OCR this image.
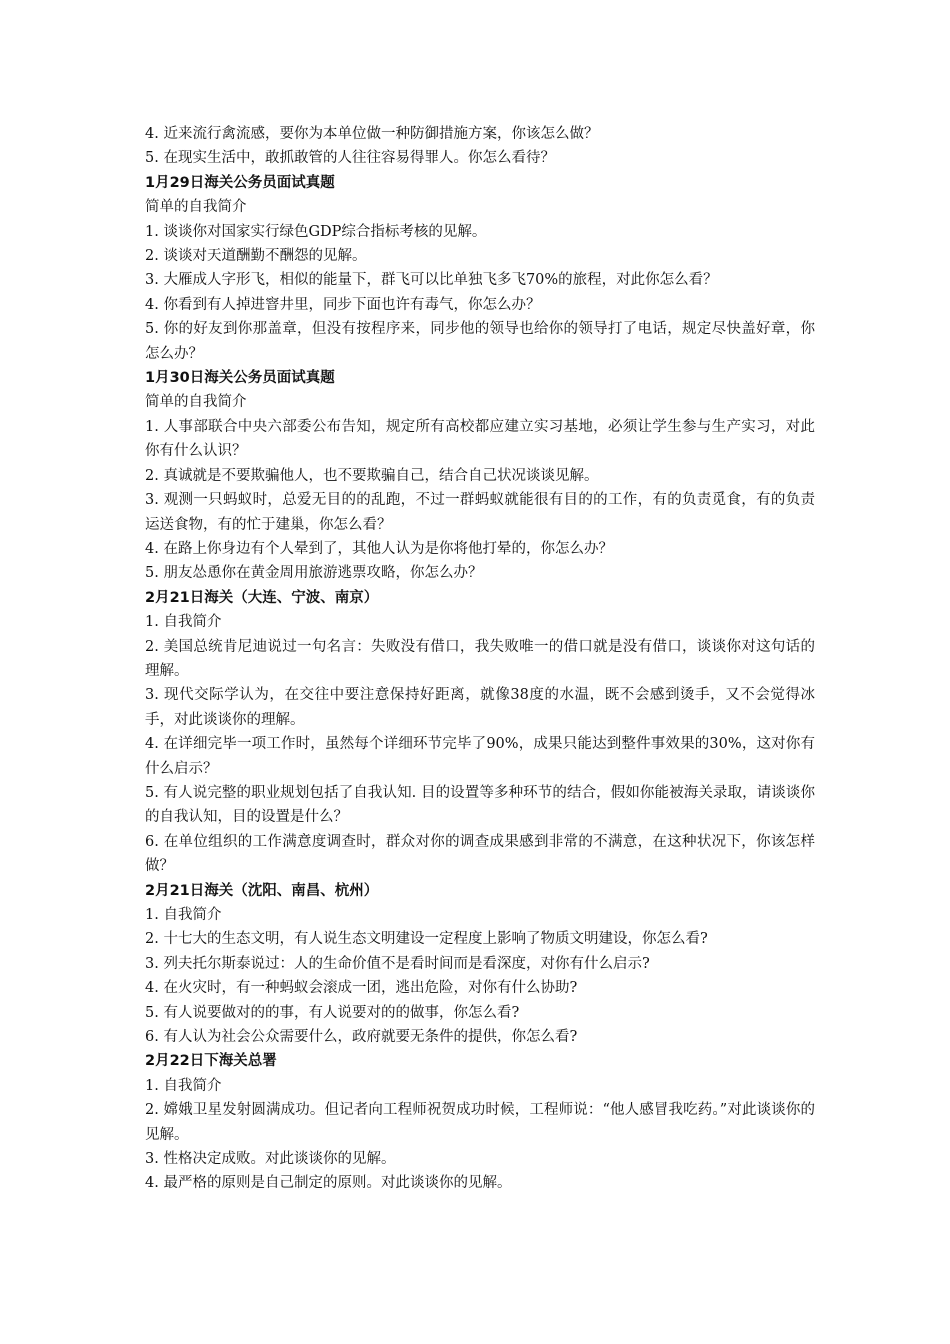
4. 近来流行禽流感，要你为本单位做一种防御措施方案，你该怎么做？
5. 在现实生活中，敢抓敢管的人往往容易得罪人。你怎么看待？
1月29日海关公务员面试真题
简单的自我简介
1. 谈谈你对国家实行绿色GDP综合指标考核的见解。
2. 谈谈对天道酬勤不酬怨的见解。
3. 大雁成人字形飞，相似的能量下，群飞可以比单独飞多飞70%的旅程，对此你怎么看？
4. 你看到有人掉进窨井里，同步下面也许有毒气，你怎么办？
5. 你的好友到你那盖章，但没有按程序来，同步他的领导也给你的领导打了电话，规定尽快盖好章，你怎么办？
1月30日海关公务员面试真题
简单的自我简介
1. 人事部联合中央六部委公布告知，规定所有高校都应建立实习基地，必须让学生参与生产实习，对此你有什么认识？
2. 真诚就是不要欺骗他人，也不要欺骗自己，结合自己状况谈谈见解。
3. 观测一只蚂蚁时，总爱无目的的乱跑，不过一群蚂蚁就能很有目的的工作，有的负责觅食，有的负责运送食物，有的忙于建巢，你怎么看？
4. 在路上你身边有个人晕到了，其他人认为是你将他打晕的，你怎么办？
5. 朋友怂恿你在黄金周用旅游逃票攻略，你怎么办？
2月21日海关（大连、宁波、南京）
1. 自我简介
2. 美国总统肯尼迪说过一句名言：失败没有借口，我失败唯一的借口就是没有借口，谈谈你对这句话的理解。
3. 现代交际学认为，在交往中要注意保持好距离，就像38度的水温，既不会感到烫手，又不会觉得冰手，对此谈谈你的理解。
4. 在详细完毕一项工作时，虽然每个详细环节完毕了90%，成果只能达到整件事效果的30%，这对你有什么启示？
5. 有人说完整的职业规划包括了自我认知. 目的设置等多种环节的结合，假如你能被海关录取，请谈谈你的自我认知，目的设置是什么？
6. 在单位组织的工作满意度调查时，群众对你的调查成果感到非常的不满意，在这种状况下，你该怎样做？
2月21日海关（沈阳、南昌、杭州）
1. 自我简介
2. 十七大的生态文明，有人说生态文明建设一定程度上影响了物质文明建设，你怎么看?
3. 列夫托尔斯泰说过：人的生命价值不是看时间而是看深度，对你有什么启示?
4. 在火灾时，有一种蚂蚁会滚成一团，逃出危险，对你有什么协助?
5. 有人说要做对的的事，有人说要对的的做事，你怎么看?
6. 有人认为社会公众需要什么，政府就要无条件的提供，你怎么看?
2月22日下海关总署
1. 自我简介
2. 嫦娥卫星发射圆满成功。但记者向工程师祝贺成功时候，工程师说：“他人感冒我吃药。”对此谈谈你的见解。
3. 性格决定成败。对此谈谈你的见解。
4. 最严格的原则是自己制定的原则。对此谈谈你的见解。
